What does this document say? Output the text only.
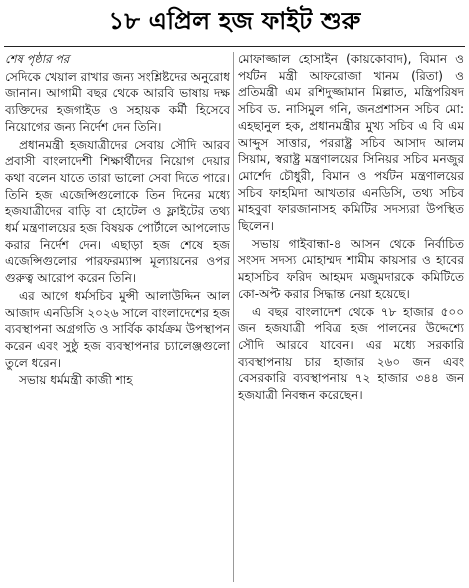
১৮ এপ্রিল হজ ফাইট শুরু
শেষ পৃষ্ঠার পর

সেদিকে খেয়াল রাখার জন্য সংশ্লিষ্টদের অনুরোধ জানান। আগামী বছর থেকে আরবি ভাষায় দক্ষ ব্যক্তিদের হজগাইড ও সহায়ক কর্মী হিসেবে নিয়োগের জন্য নির্দেশ দেন তিনি।

প্রধানমন্ত্রী হজযাত্রীদের সেবায় সৌদি আরব প্রবাসী বাংলাদেশী শিক্ষার্থীদের নিয়োগ দেয়ার কথা বলেন যাতে তারা ভালো সেবা দিতে পারে। তিনি হজ এজেন্সিগুলোকে তিন দিনের মধ্যে হজযাত্রীদের বাড়ি বা হোটেল ও ফ্লাইটের তথ্য ধর্ম মন্ত্রণালয়ের হজ বিষয়ক পোর্টালে আপলোড করার নির্দেশ দেন। এছাড়া হজ শেষে হজ এজেন্সিগুলোর পারফরম্যান্স মূল্যায়নের ওপর গুরুত্ব আরোপ করেন তিনি।

এর আগে ধর্মসচিব মুন্সী আলাউদ্দিন আল আজাদ এনডিসি ২০২৬ সালে বাংলাদেশের হজ ব্যবস্থাপনা অগ্রগতি ও সার্বিক কার্যক্রম উপস্থাপন করেন এবং সুষ্ঠু হজ ব্যবস্থাপনার চ্যালেঞ্জগুলো তুলে ধরেন।

সভায় ধর্মমন্ত্রী কাজী শাহ

মোফাজ্জাল হোসাইন (কায়কোবাদ), বিমান ও পর্যটন মন্ত্রী আফরোজা খানম (রিতা) ও প্রতিমন্ত্রী এম রশিদুজ্জামান মিল্লাত, মন্ত্রিপরিষদ সচিব ড. নাসিমুল গনি, জনপ্রশাসন সচিব মো: এহছানুল হক, প্রধানমন্ত্রীর মুখ্য সচিব এ বি এম আব্দুস সাত্তার, পররাষ্ট্র সচিব আসাদ আলম সিয়াম, স্বরাষ্ট্র মন্ত্রণালয়ের সিনিয়র সচিব মনজুর মোর্শেদ চৌধুরী, বিমান ও পর্যটন মন্ত্রণালয়ের সচিব ফাহমিদা আখতার এনডিসি, তথ্য সচিব মাহবুবা ফারজানাসহ কমিটির সদস্যরা উপস্থিত ছিলেন।

সভায় গাইবান্ধা-৪ আসন থেকে নির্বাচিত সংসদ সদস্য মোহাম্মদ শামীম কায়সার ও হাবের মহাসচিব ফরিদ আহমদ মজুমদারকে কমিটিতে কো-অপ্ট করার সিদ্ধান্ত নেয়া হয়েছে।

এ বছর বাংলাদেশ থেকে ৭৮ হাজার ৫০০ জন হজযাত্রী পবিত্র হজ পালনের উদ্দেশ্যে সৌদি আরবে যাবেন। এর মধ্যে সরকারি ব্যবস্থাপনায় চার হাজার ২৬০ জন এবং বেসরকারি ব্যবস্থাপনায় ৭২ হাজার ৩৪৪ জন হজযাত্রী নিবন্ধন করেছেন।
